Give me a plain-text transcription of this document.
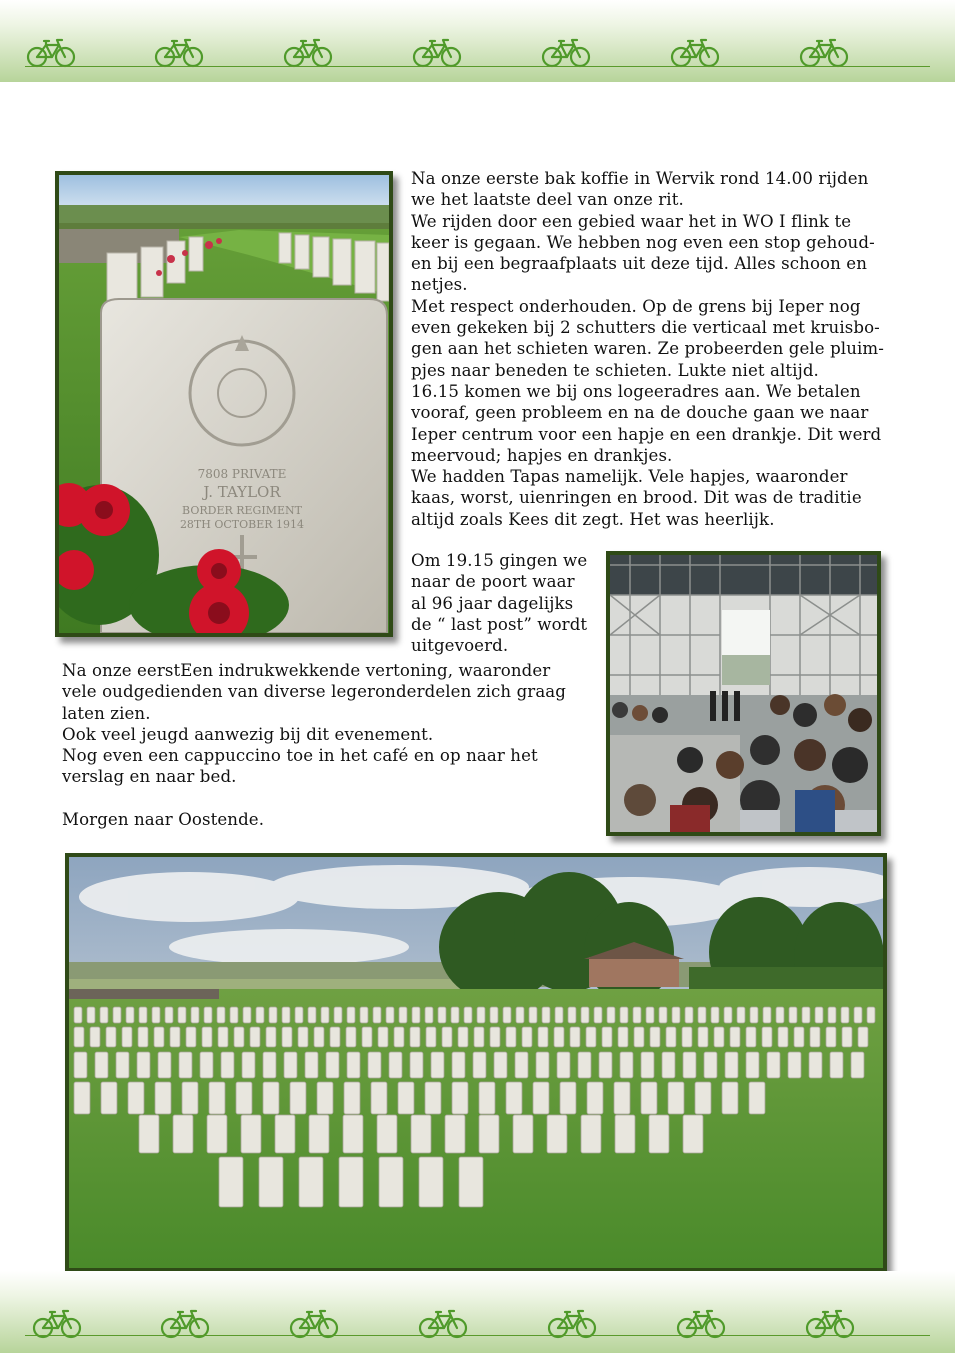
7808 PRIVATE
J. TAYLOR
BORDER REGIMENT
28TH OCTOBER 1914
Na onze eerste bak koffie in Wervik rond 14.00 rijden
we het laatste deel van onze rit.
We rijden door een gebied waar het in WO I flink te
keer is gegaan. We hebben nog even een stop gehoud-
en bij een begraafplaats uit deze tijd. Alles schoon en
netjes.
Met respect onderhouden. Op de grens bij Ieper nog
even gekeken bij 2 schutters die verticaal met kruisbo-
gen aan het schieten waren. Ze probeerden gele pluim-
pjes naar beneden te schieten. Lukte niet altijd.
16.15 komen we bij ons logeeradres aan. We betalen
vooraf, geen probleem en na de douche gaan we naar
Ieper centrum voor een hapje en een drankje. Dit werd
meervoud; hapjes en drankjes.
We hadden Tapas namelijk. Vele hapjes, waaronder
kaas, worst, uienringen en brood. Dit was de traditie
altijd zoals Kees dit zegt. Het was heerlijk.
Om 19.15 gingen we
naar de poort waar
al 96 jaar dagelijks
de “ last post” wordt
uitgevoerd.
Na onze eerstEen indrukwekkende vertoning, waaronder
vele oudgedienden van diverse legeronderdelen zich graag
laten zien.
Ook veel jeugd aanwezig bij dit evenement.
Nog even een cappuccino toe in het café en op naar het
verslag en naar bed.

Morgen naar Oostende.
